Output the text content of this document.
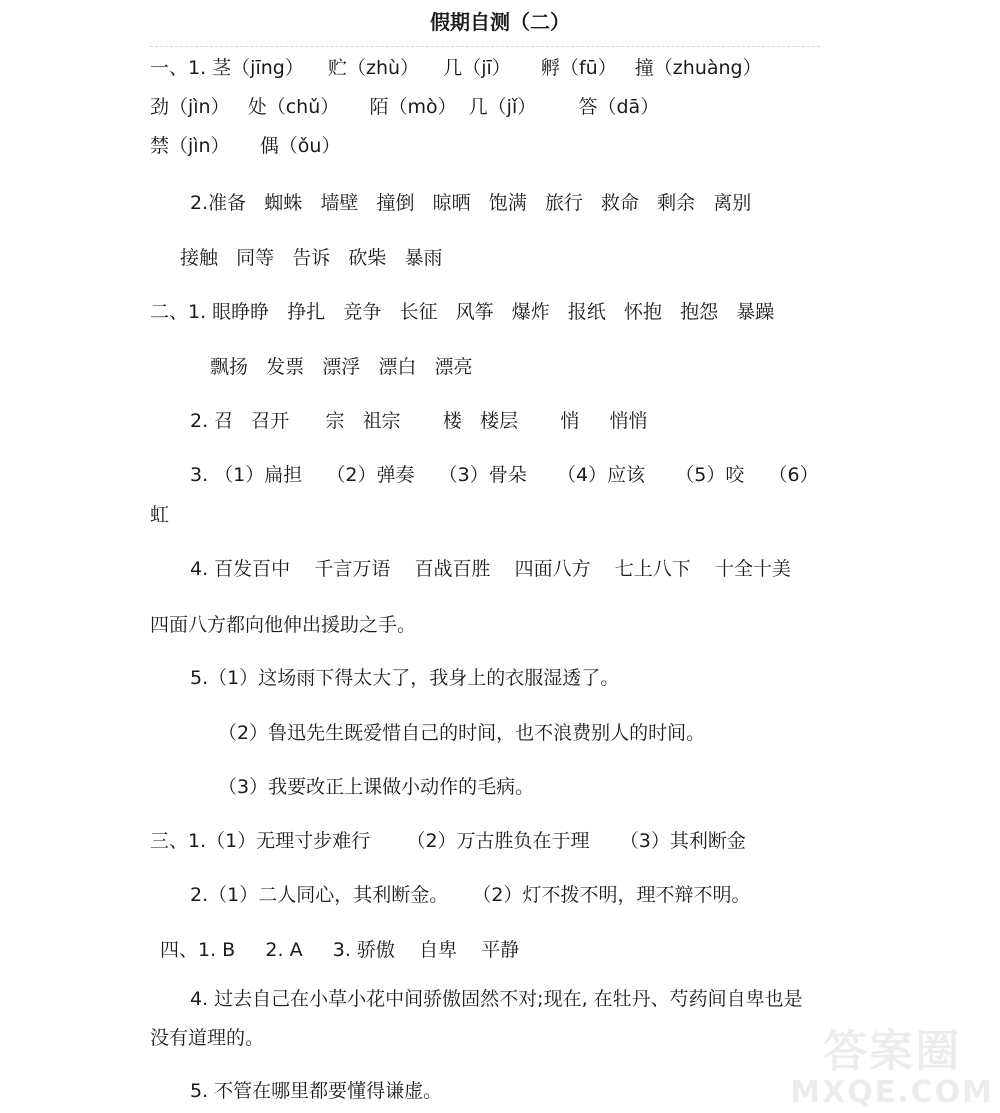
假期自测（二）
一、1. 茎（jīng）    贮（zhù）    几（jī）     孵（fū）   撞（zhuàng）
劲（jìn）   处（chǔ）     陌（mò）  几（jǐ）       答（dā）
禁（jìn）     偶（ǒu）
2.准备   蜘蛛   墙壁   撞倒   晾晒   饱满   旅行   救命   剩余   离别
接触   同等   告诉   砍柴   暴雨
二、1. 眼睁睁   挣扎   竞争   长征   风筝   爆炸   报纸   怀抱   抱怨   暴躁
飘扬   发票   漂浮   漂白   漂亮
2. 召   召开      宗   祖宗       楼   楼层       悄     悄悄
3. （1）扁担    （2）弹奏    （3）骨朵     （4）应该     （5）咬    （6）
虹
4. 百发百中    千言万语    百战百胜    四面八方    七上八下    十全十美
四面八方都向他伸出援助之手。
5.（1）这场雨下得太大了，我身上的衣服湿透了。
（2）鲁迅先生既爱惜自己的时间，也不浪费别人的时间。
（3）我要改正上课做小动作的毛病。
三、1.（1）无理寸步难行      （2）万古胜负在于理     （3）其利断金
2.（1）二人同心，其利断金。    （2）灯不拨不明，理不辩不明。
四、1. B     2. A     3. 骄傲    自卑    平静
4. 过去自己在小草小花中间骄傲固然不对;现在, 在牡丹、芍药间自卑也是
没有道理的。
5. 不管在哪里都要懂得谦虚。
答案圈
MXQE.COM
